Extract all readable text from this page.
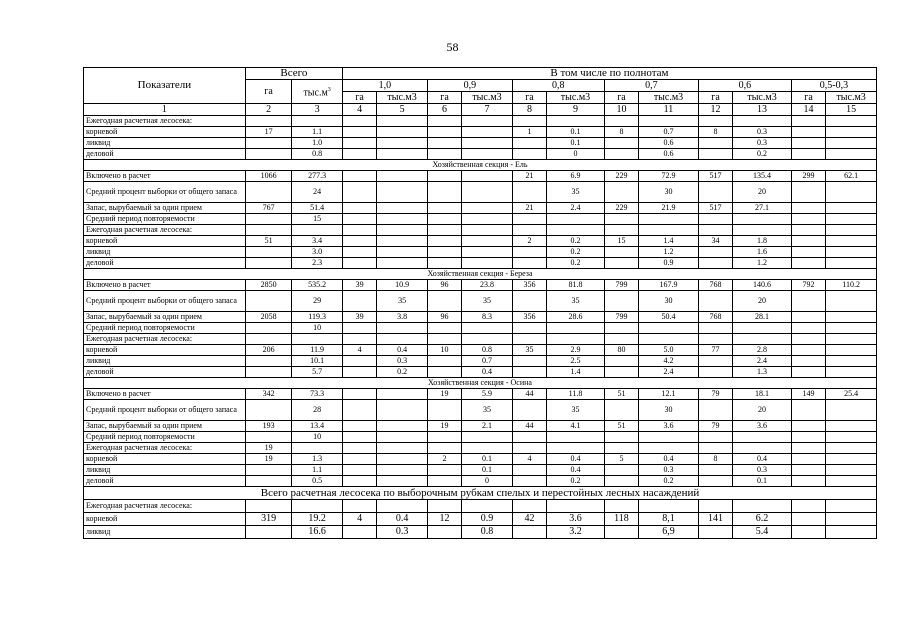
58
Показатели	Всего		В том числе по полнотам											
	га	$тыс.м^3$	1,0		0,9		0,8		0,7		0,6		0,5-0,3	
			га	тыс.м3	га	тыс.м3	га	тыс.м3	га	тыс.м3	га	тыс.м3	га	тыс.м3
1	2	3	4	5	6	7	8	9	10	11	12	13	14	15
Ежегодная расчетная лесосека:														
корневой	17	1.1					1	0.1	8	0.7	8	0.3		
ликвид		1.0						0.1		0.6		0.3		
деловой		0.8						0		0.6		0.2		
Хозяйственная секция - Ель														
Включено в расчет	1066	277.3					21	6.9	229	72.9	517	135.4	299	62.1
Средний процент выборки от общего запаса		24						35		30		20		
Запас, вырубаемый за один прием	767	51.4					21	2.4	229	21.9	517	27.1		
Средний период повторяемости		15												
Ежегодная расчетная лесосека:														
корневой	51	3.4					2	0.2	15	1.4	34	1.8		
ликвид		3.0						0.2		1.2		1.6		
деловой		2.3						0.2		0.9		1.2		
Хозяйственная секция - Береза														
Включено в расчет	2850	535.2	39	10.9	96	23.8	356	81.8	799	167.9	768	140.6	792	110.2
Средний процент выборки от общего запаса		29		35		35		35		30		20		
Запас, вырубаемый за один прием	2058	119.3	39	3.8	96	8.3	356	28.6	799	50.4	768	28.1		
Средний период повторяемости		10												
Ежегодная расчетная лесосека:														
корневой	206	11.9	4	0.4	10	0.8	35	2.9	80	5.0	77	2.8		
ликвид		10.1		0.3		0.7		2.5		4.2		2.4		
деловой		5.7		0.2		0.4		1.4		2.4		1.3		
Хозяйственная секция - Осина														
Включено в расчет	342	73.3			19	5.9	44	11.8	51	12.1	79	18.1	149	25.4
Средний процент выборки от общего запаса		28				35		35		30		20		
Запас, вырубаемый за один прием	193	13.4			19	2.1	44	4.1	51	3.6	79	3.6		
Средний период повторяемости		10												
Ежегодная расчетная лесосека:	19													
корневой	19	1.3			2	0.1	4	0.4	5	0.4	8	0.4		
ликвид		1.1				0.1		0.4		0.3		0.3		
деловой		0.5				0		0.2		0.2		0.1		
Всего расчетная лесосека по выборочным рубкам спелых и перестойных лесных насаждений														
Ежегодная расчетная лесосека:														
корневой	319	19.2	4	0.4	12	0.9	42	3.6	118	8,1	141	6.2		
ликвид		16.6		0.3		0.8		3.2		6,9		5.4		
